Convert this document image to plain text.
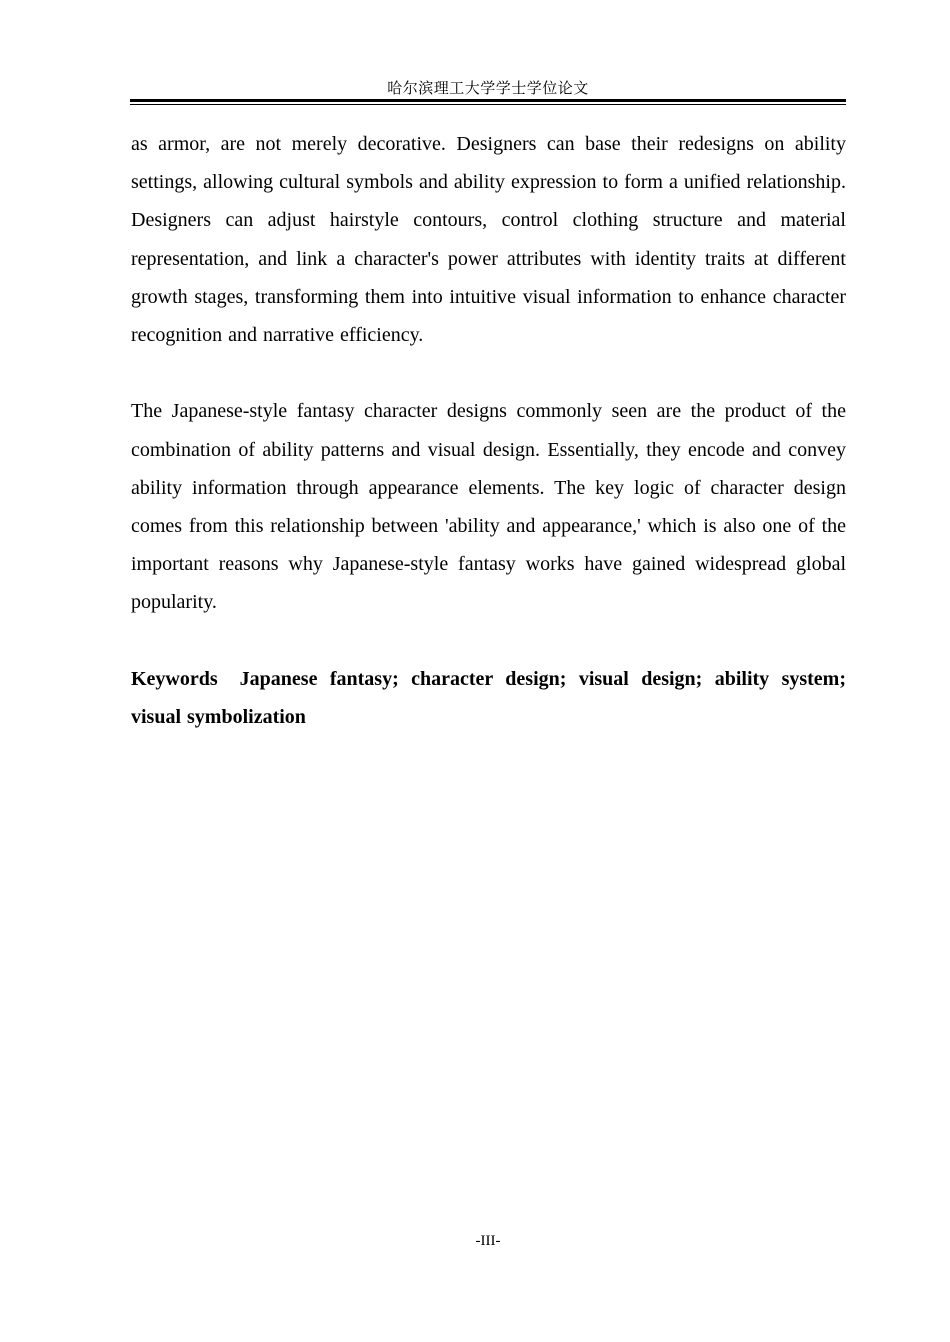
哈尔滨理工大学学士学位论文

as armor, are not merely decorative. Designers can base their redesigns on ability settings, allowing cultural symbols and ability expression to form a unified relationship. Designers can adjust hairstyle contours, control clothing structure and material representation, and link a character's power attributes with identity traits at different growth stages, transforming them into intuitive visual information to enhance character recognition and narrative efficiency.

The Japanese-style fantasy character designs commonly seen are the product of the combination of ability patterns and visual design. Essentially, they encode and convey ability information through appearance elements. The key logic of character design comes from this relationship between 'ability and appearance,' which is also one of the important reasons why Japanese-style fantasy works have gained widespread global popularity.

Keywords Japanese fantasy; character design; visual design; ability system; visual symbolization

-III-
